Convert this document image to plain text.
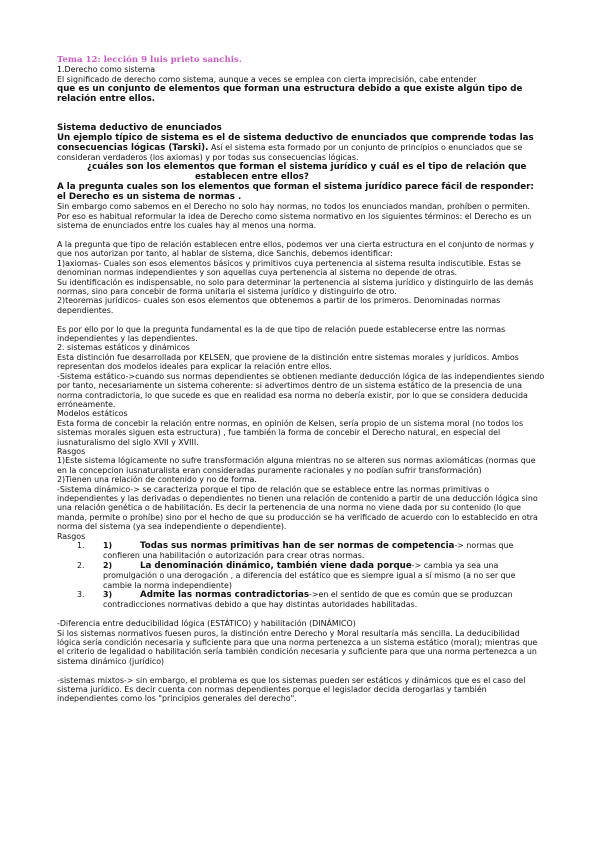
Tema 12: lección 9 luis prieto sanchis.

1.Derecho como sistema

El significado de derecho como sistema, aunque a veces se emplea con cierta imprecisión, cabe entender

que es un conjunto de elementos que forman una estructura debido a que existe algún tipo de relación entre ellos.

Sistema deductivo de enunciados

Un ejemplo típico de sistema es el de sistema deductivo de enunciados que comprende todas las consecuencias lógicas (Tarski). Así el sistema esta formado por un conjunto de principios o enunciados que se consideran verdaderos (los axiomas) y por todas sus consecuencias lógicas.

¿cuáles son los elementos que forman el sistema jurídico y cuál es el tipo de relación que
establecen entre ellos?

A la pregunta cuales son los elementos que forman el sistema jurídico parece fácil de responder: el Derecho es un sistema de normas .

Sin embargo como sabemos en el Derecho no solo hay normas, no todos los enunciados mandan, prohíben o permiten. Por eso es habitual reformular la idea de Derecho como sistema normativo en los siguientes términos: el Derecho es un sistema de enunciados entre los cuales hay al menos una norma.

A la pregunta que tipo de relación establecen entre ellos, podemos ver una cierta estructura en el conjunto de normas y que nos autorizan por tanto, al hablar de sistema, dice Sanchis, debemos identificar:

1)axiomas- Cuales son esos elementos básicos y primitivos cuya pertenencia al sistema resulta indiscutible. Estas se denominan normas independientes y son aquellas cuya pertenencia al sistema no depende de otras.

Su identificación es indispensable, no solo para determinar la pertenencia al sistema jurídico y distinguirlo de las demás normas, sino para concebir de forma unitaria el sistema jurídico y distinguirlo de otro.

2)teoremas jurídicos- cuales son esos elementos que obtenemos a partir de los primeros. Denominadas normas dependientes.

Es por ello por lo que la pregunta fundamental es la de que tipo de relación puede establecerse entre las normas independientes y las dependientes.

2. sistemas estáticos y dinámicos

Esta distinción fue desarrollada por KELSEN, que proviene de la distinción entre sistemas morales y jurídicos. Ambos representan dos modelos ideales para explicar la relación entre ellos.

-Sistema estático->cuando sus normas dependientes se obtienen mediante deducción lógica de las independientes siendo por tanto, necesariamente un sistema coherente: si advertimos dentro de un sistema estático de la presencia de una norma contradictoria, lo que sucede es que en realidad esa norma no debería existir, por lo que se considera deducida erróneamente.

Modelos estáticos

Esta forma de concebir la relación entre normas, en opinión de Kelsen, sería propio de un sistema moral (no todos los sistemas morales siguen esta estructura) , fue también la forma de concebir el Derecho natural, en especial del iusnaturalismo del siglo XVII y XVIII.

Rasgos

1)Este sistema lógicamente no sufre transformación alguna mientras no se alteren sus normas axiomáticas (normas que en la concepcion iusnaturalista eran consideradas puramente racionales y no podían sufrir transformación)

2)Tienen una relación de contenido y no de forma.

-Sistema dinámico-> se caracteriza porque el tipo de relación que se establece entre las normas primitivas o independientes y las derivadas o dependientes no tienen una relación de contenido a partir de una deducción lógica sino una relación genética o de habilitación. Es decir la pertenencia de una norma no viene dada por su contenido (lo que manda, permite o prohíbe) sino por el hecho de que su producción se ha verificado de acuerdo con lo establecido en otra norma del sistema (ya sea independiente o dependiente).

Rasgos

1. 1)	Todas sus normas primitivas han de ser normas de competencia-> normas que confieren una habilitación o autorización para crear otras normas.
2. 2)	La denominación dinámico, también viene dada porque-> cambia ya sea una promulgación o una derogación , a diferencia del estático que es siempre igual a sí mismo (a no ser que cambie la norma independiente)
3. 3)	Admite las normas contradictorias->en el sentido de que es común que se produzcan contradicciones normativas debido a que hay distintas autoridades habilitadas.

-Diferencia entre deducibilidad lógica (ESTÁTICO) y habilitación (DINÁMICO)

Si los sistemas normativos fuesen puros, la distinción entre Derecho y Moral resultaría más sencilla. La deducibilidad lógica sería condición necesaria y suficiente para que una norma pertenezca a un sistema estático (moral); mientras que el criterio de legalidad o habilitación sería también condición necesaria y suficiente para que una norma pertenezca a un sistema dinámico (jurídico)

-sistemas mixtos-> sin embargo, el problema es que los sistemas pueden ser estáticos y dinámicos que es el caso del sistema jurídico. Es decir cuenta con normas dependientes porque el legislador decida derogarlas y también independientes como los "principios generales del derecho".
